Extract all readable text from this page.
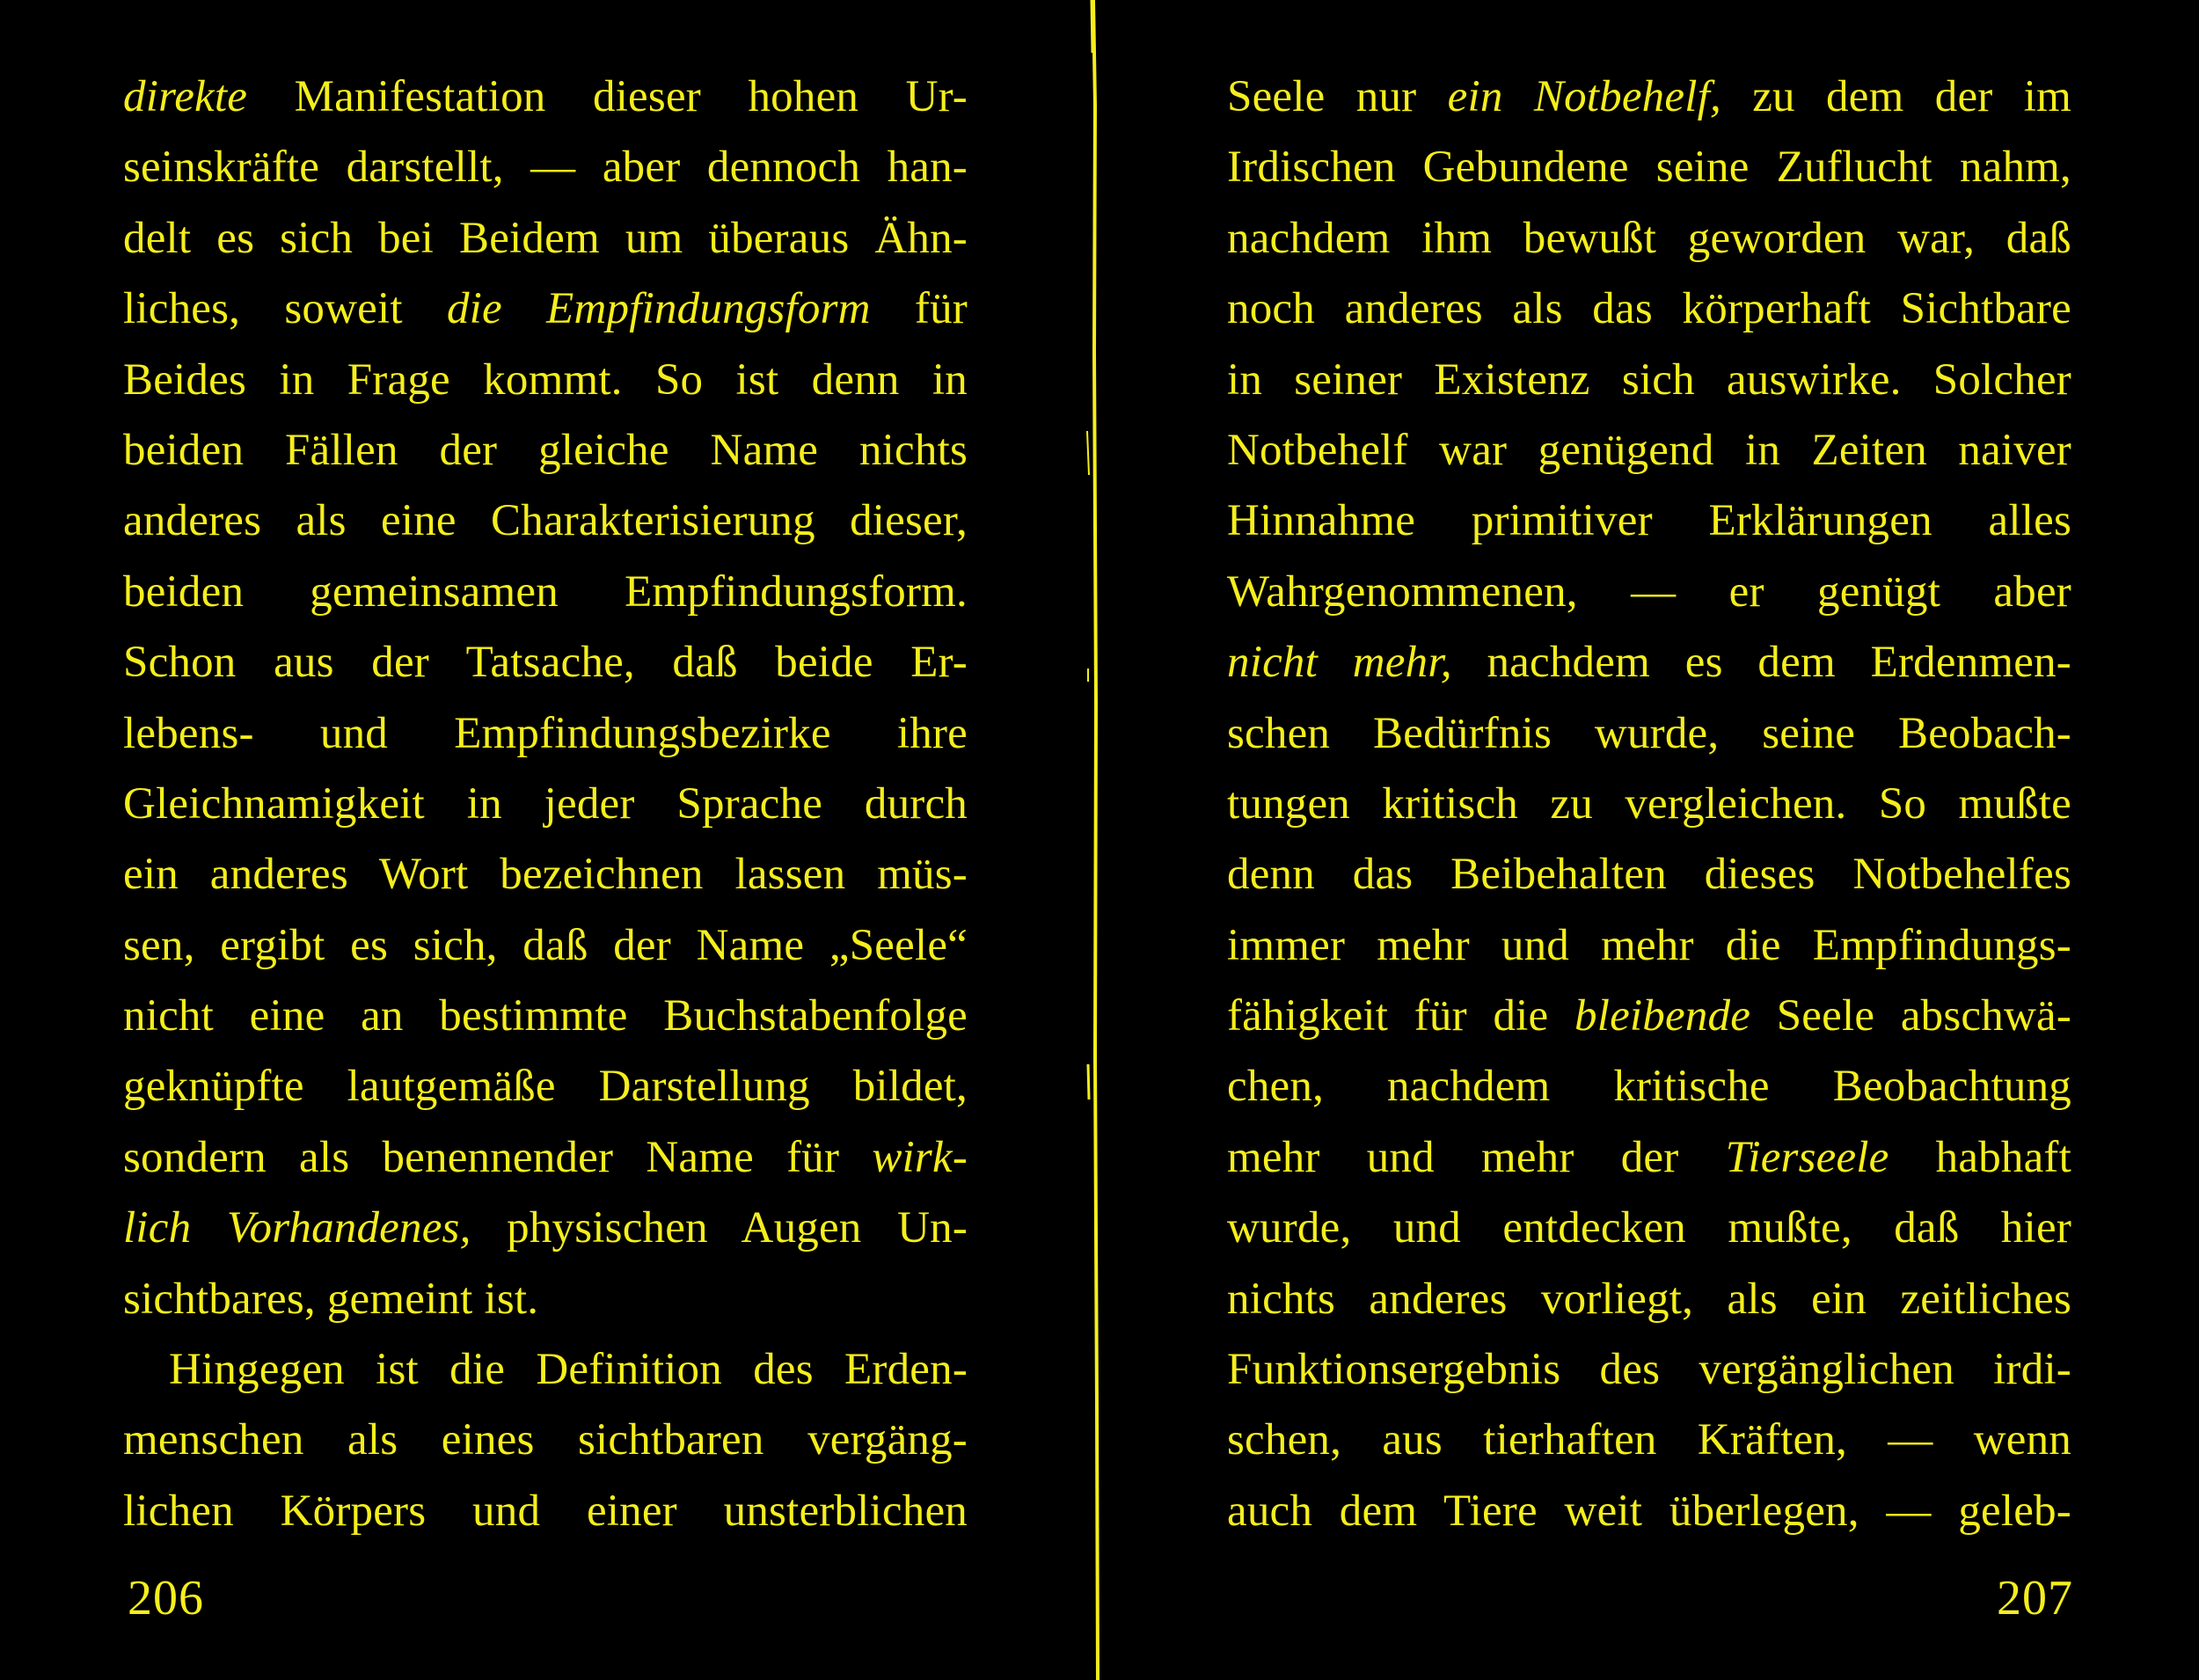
direkte Manifestation dieser hohen Ur-
seinskräfte darstellt, — aber dennoch han-
delt es sich bei Beidem um überaus Ähn-
liches, soweit die Empfindungsform für
Beides in Frage kommt. So ist denn in
beiden Fällen der gleiche Name nichts
anderes als eine Charakterisierung dieser,
beiden gemeinsamen Empfindungsform.
Schon aus der Tatsache, daß beide Er-
lebens- und Empfindungsbezirke ihre
Gleichnamigkeit in jeder Sprache durch
ein anderes Wort bezeichnen lassen müs-
sen, ergibt es sich, daß der Name „Seele“
nicht eine an bestimmte Buchstabenfolge
geknüpfte lautgemäße Darstellung bildet,
sondern als benennender Name für wirk-
lich Vorhandenes, physischen Augen Un-
sichtbares, gemeint ist.
Hingegen ist die Definition des Erden-
menschen als eines sichtbaren vergäng-
lichen Körpers und einer unsterblichen
206
Seele nur ein Notbehelf, zu dem der im
Irdischen Gebundene seine Zuflucht nahm,
nachdem ihm bewußt geworden war, daß
noch anderes als das körperhaft Sichtbare
in seiner Existenz sich auswirke. Solcher
Notbehelf war genügend in Zeiten naiver
Hinnahme primitiver Erklärungen alles
Wahrgenommenen, — er genügt aber
nicht mehr, nachdem es dem Erdenmen-
schen Bedürfnis wurde, seine Beobach-
tungen kritisch zu vergleichen. So mußte
denn das Beibehalten dieses Notbehelfes
immer mehr und mehr die Empfindungs-
fähigkeit für die bleibende Seele abschwä-
chen, nachdem kritische Beobachtung
mehr und mehr der Tierseele habhaft
wurde, und entdecken mußte, daß hier
nichts anderes vorliegt, als ein zeitliches
Funktionsergebnis des vergänglichen irdi-
schen, aus tierhaften Kräften, — wenn
auch dem Tiere weit überlegen, — geleb-
207
